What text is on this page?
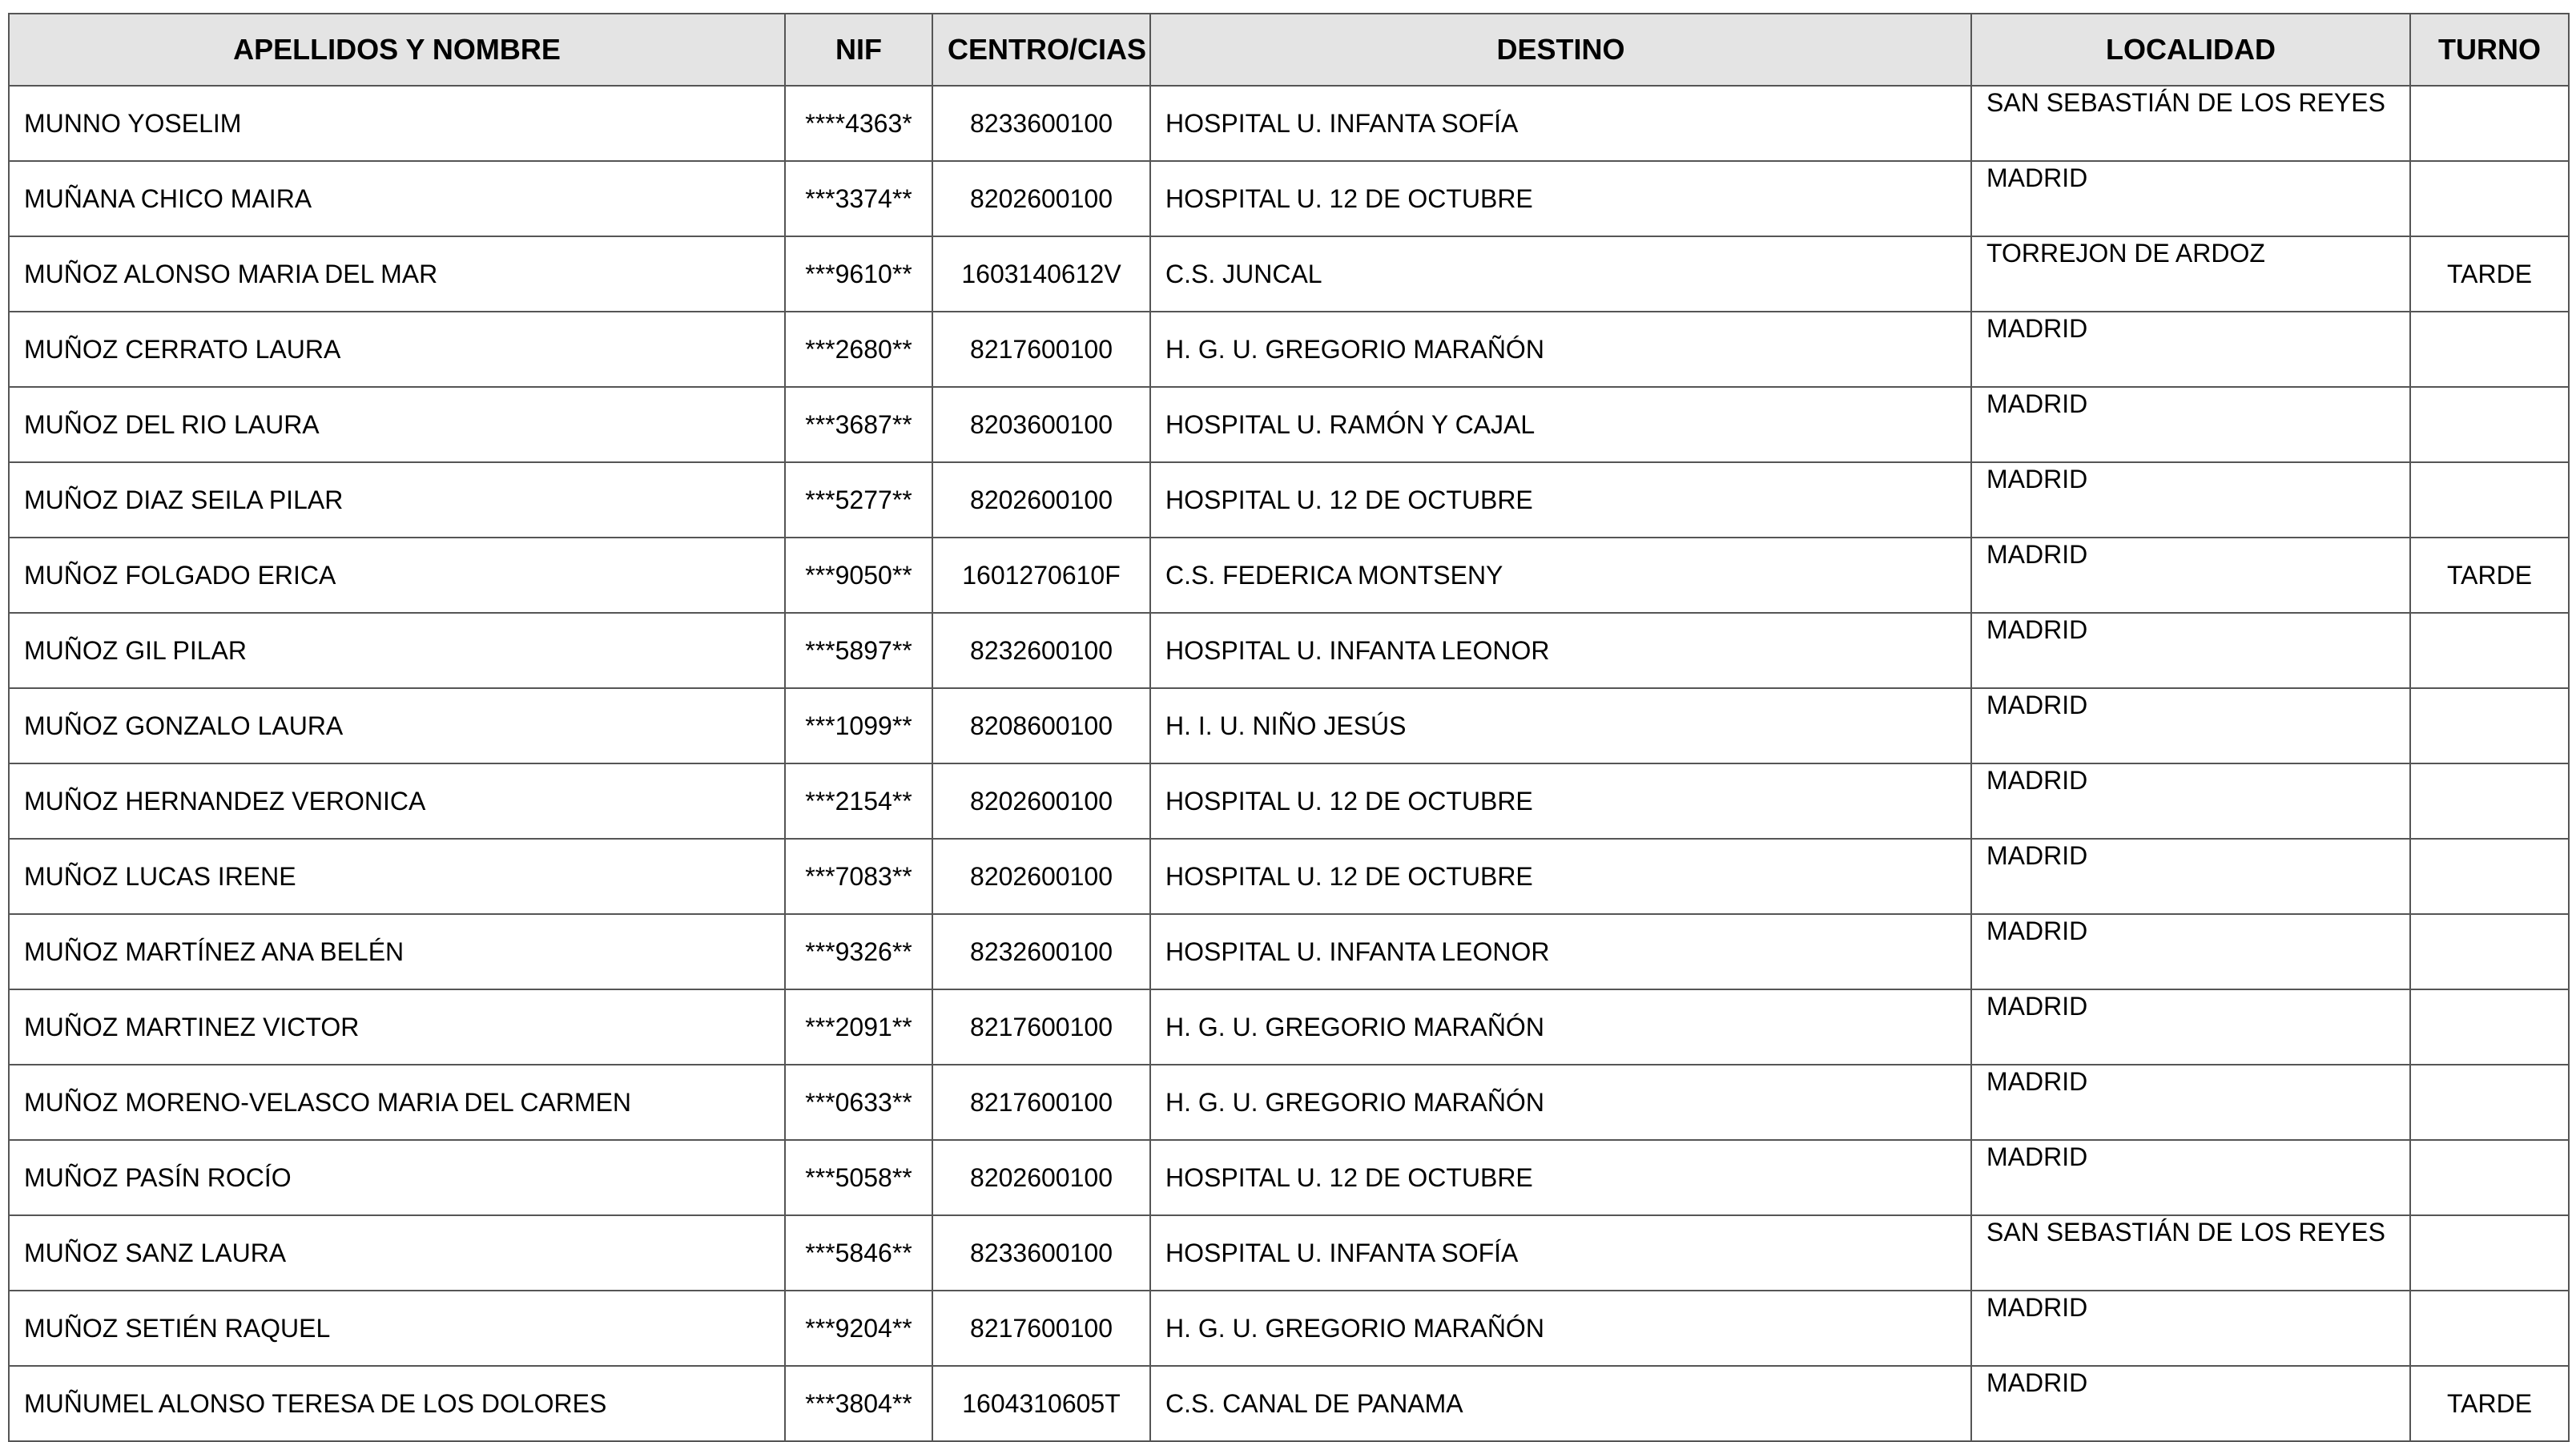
APELLIDOS Y NOMBRE	NIF	CENTRO/CIAS	DESTINO	LOCALIDAD	TURNO
MUNNO YOSELIM	****4363*	8233600100	HOSPITAL U. INFANTA SOFÍA	SAN SEBASTIÁN DE LOS REYES	
MUÑANA CHICO MAIRA	***3374**	8202600100	HOSPITAL U. 12 DE OCTUBRE	MADRID	
MUÑOZ ALONSO MARIA DEL MAR	***9610**	1603140612V	C.S. JUNCAL	TORREJON DE ARDOZ	TARDE
MUÑOZ CERRATO LAURA	***2680**	8217600100	H. G. U. GREGORIO MARAÑÓN	MADRID	
MUÑOZ DEL RIO LAURA	***3687**	8203600100	HOSPITAL U. RAMÓN Y CAJAL	MADRID	
MUÑOZ DIAZ SEILA PILAR	***5277**	8202600100	HOSPITAL U. 12 DE OCTUBRE	MADRID	
MUÑOZ FOLGADO ERICA	***9050**	1601270610F	C.S. FEDERICA MONTSENY	MADRID	TARDE
MUÑOZ GIL PILAR	***5897**	8232600100	HOSPITAL U. INFANTA LEONOR	MADRID	
MUÑOZ GONZALO LAURA	***1099**	8208600100	H. I. U. NIÑO JESÚS	MADRID	
MUÑOZ HERNANDEZ VERONICA	***2154**	8202600100	HOSPITAL U. 12 DE OCTUBRE	MADRID	
MUÑOZ LUCAS IRENE	***7083**	8202600100	HOSPITAL U. 12 DE OCTUBRE	MADRID	
MUÑOZ MARTÍNEZ ANA BELÉN	***9326**	8232600100	HOSPITAL U. INFANTA LEONOR	MADRID	
MUÑOZ MARTINEZ VICTOR	***2091**	8217600100	H. G. U. GREGORIO MARAÑÓN	MADRID	
MUÑOZ MORENO-VELASCO MARIA DEL CARMEN	***0633**	8217600100	H. G. U. GREGORIO MARAÑÓN	MADRID	
MUÑOZ PASÍN ROCÍO	***5058**	8202600100	HOSPITAL U. 12 DE OCTUBRE	MADRID	
MUÑOZ SANZ LAURA	***5846**	8233600100	HOSPITAL U. INFANTA SOFÍA	SAN SEBASTIÁN DE LOS REYES	
MUÑOZ SETIÉN RAQUEL	***9204**	8217600100	H. G. U. GREGORIO MARAÑÓN	MADRID	
MUÑUMEL ALONSO TERESA DE LOS DOLORES	***3804**	1604310605T	C.S. CANAL DE PANAMA	MADRID	TARDE
